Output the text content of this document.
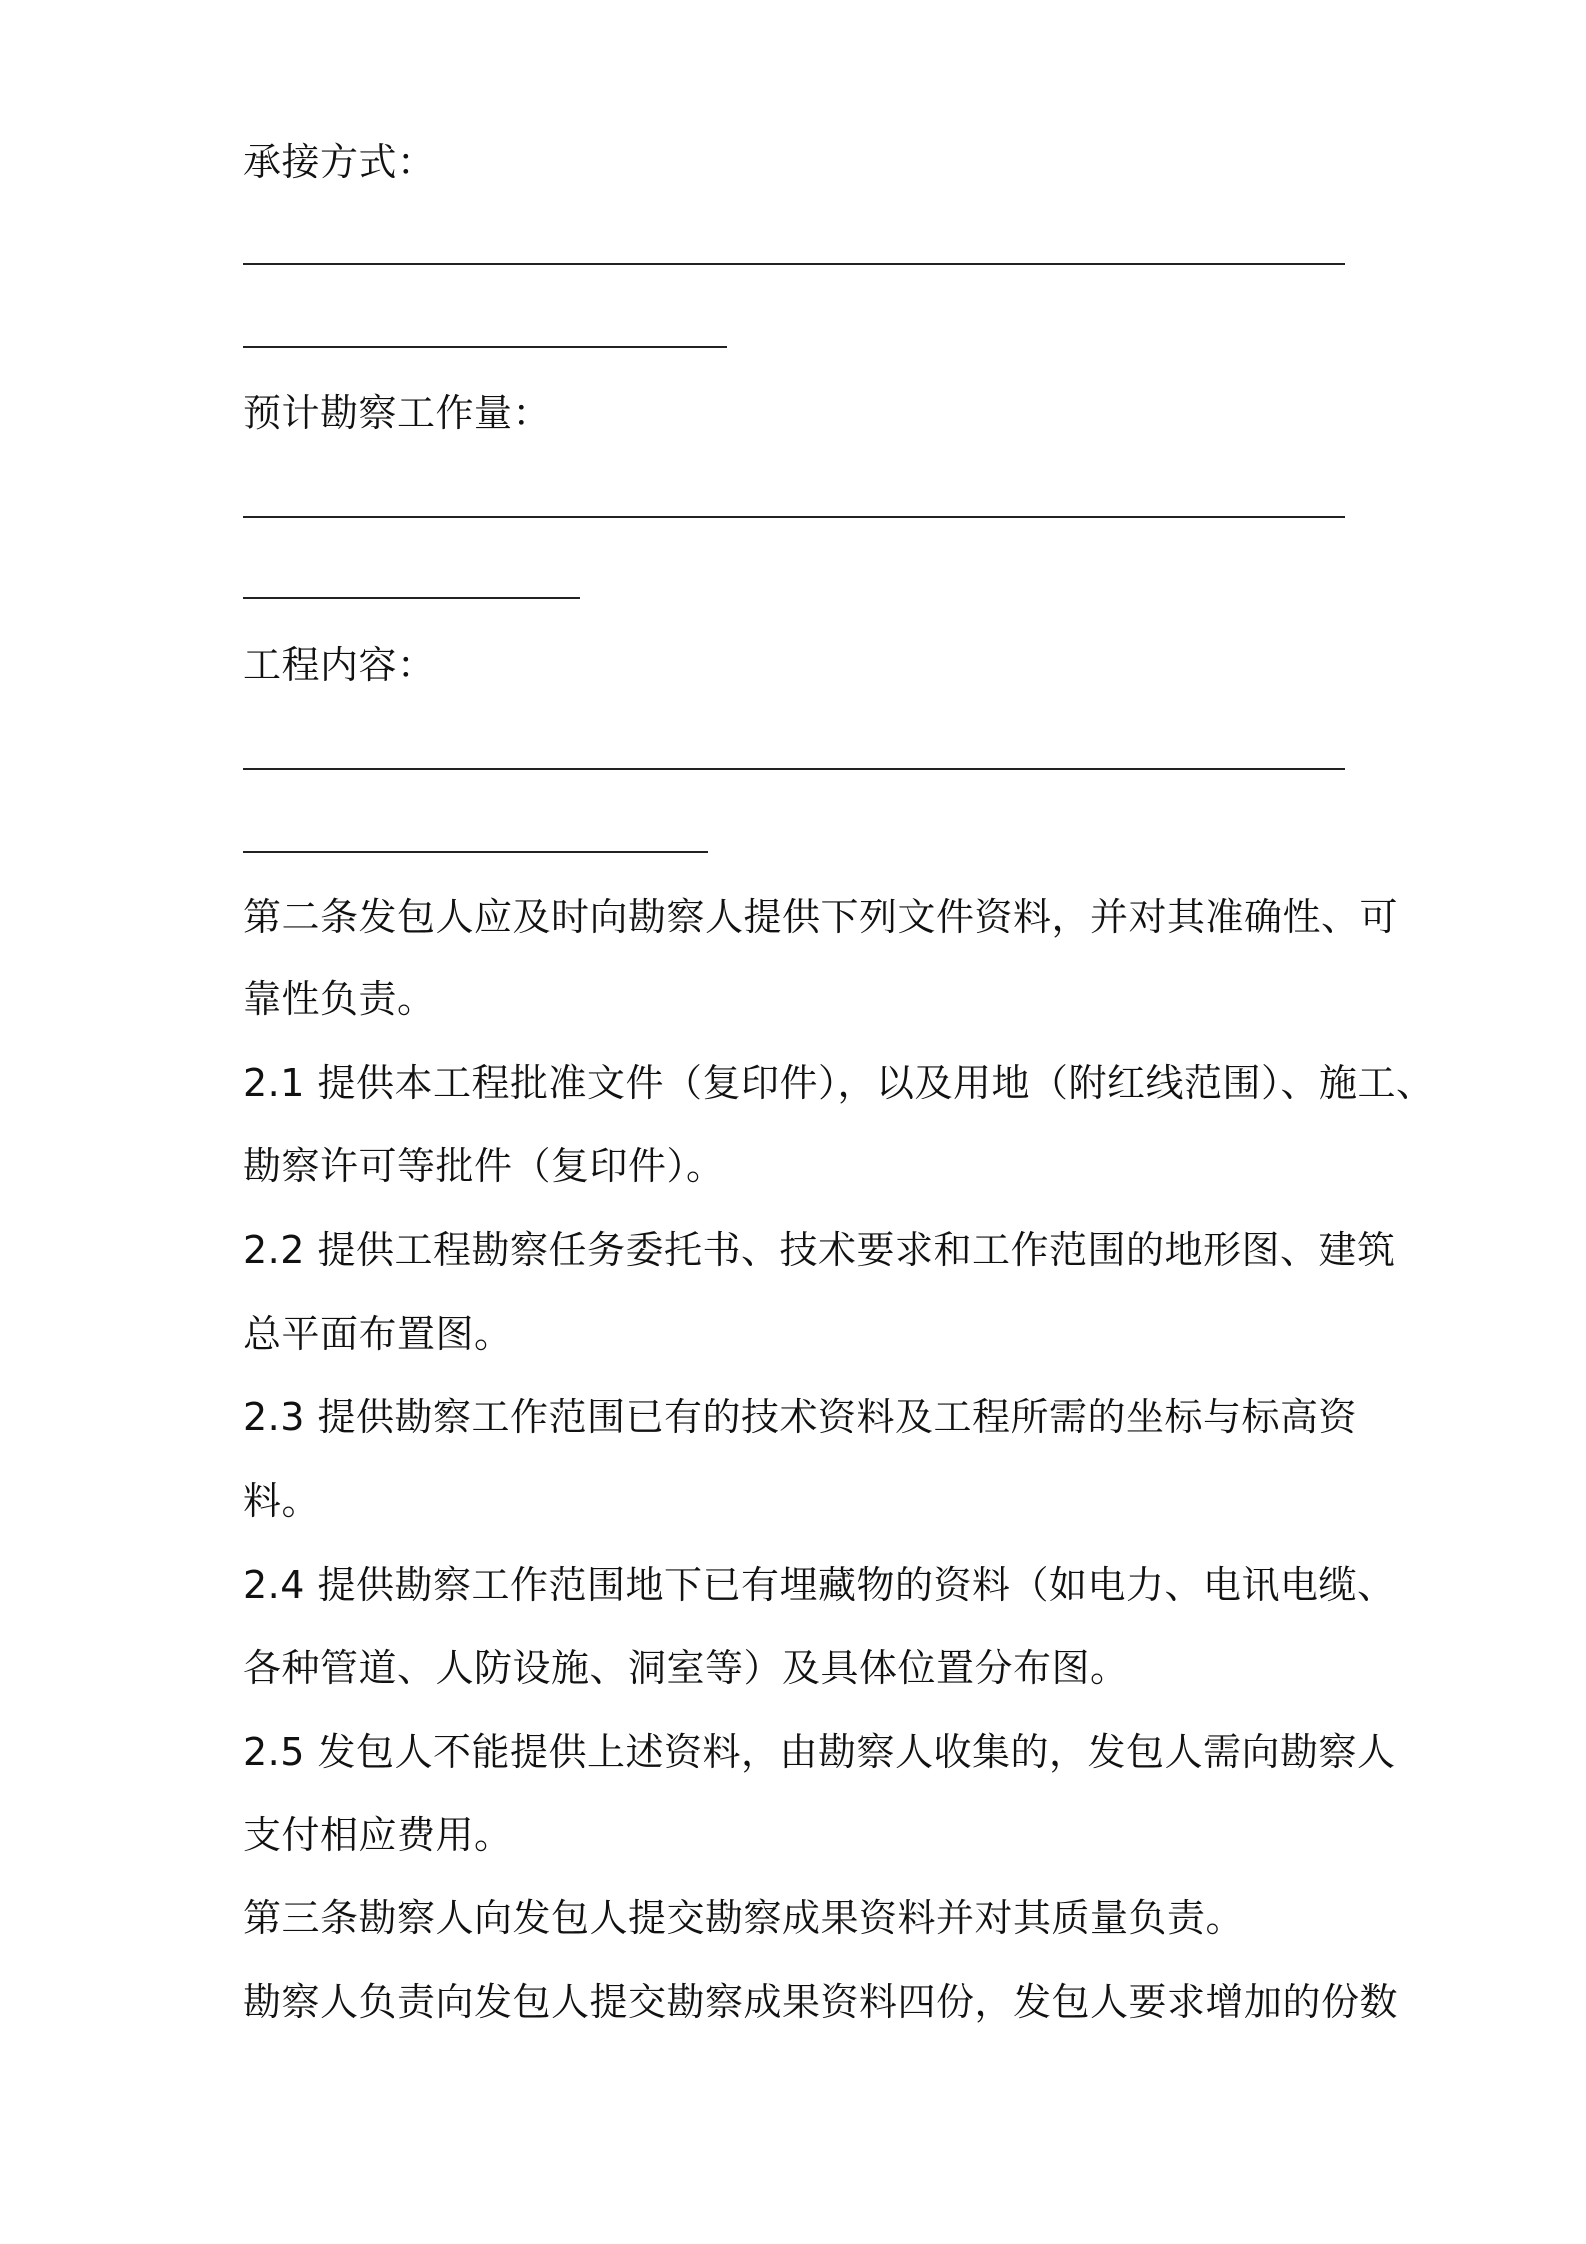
承接方式：
预计勘察工作量：
工程内容：
第二条发包人应及时向勘察人提供下列文件资料，并对其准确性、可
靠性负责。
2.1 提供本工程批准文件（复印件），以及用地（附红线范围）、施工、
勘察许可等批件（复印件）。
2.2 提供工程勘察任务委托书、技术要求和工作范围的地形图、建筑
总平面布置图。
2.3 提供勘察工作范围已有的技术资料及工程所需的坐标与标高资
料。
2.4 提供勘察工作范围地下已有埋藏物的资料（如电力、电讯电缆、
各种管道、人防设施、洞室等）及具体位置分布图。
2.5 发包人不能提供上述资料，由勘察人收集的，发包人需向勘察人
支付相应费用。
第三条勘察人向发包人提交勘察成果资料并对其质量负责。
勘察人负责向发包人提交勘察成果资料四份，发包人要求增加的份数
